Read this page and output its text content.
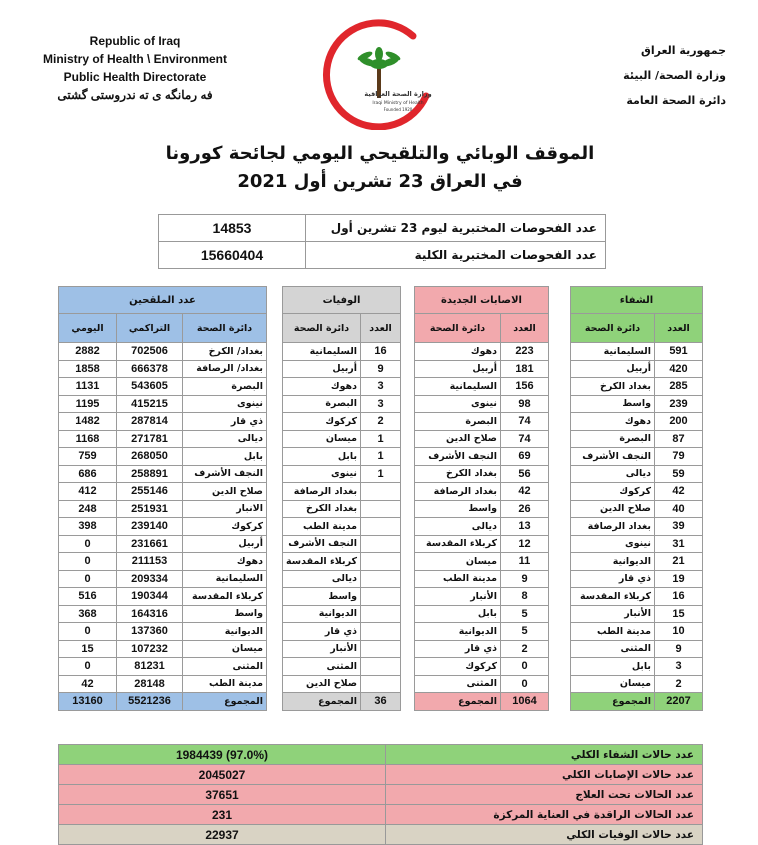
Republic of Iraq
Ministry of Health \ Environment
Public Health Directorate
فه رمانگه ى ته ندروستى گشتى	وزارة الصحة العراقية
Iraqi Ministry of Health
Founded 1920
جمهورية العراق
وزارة الصحة/ البيئة
دائرة الصحة العامة
الموقف الوبائي والتلقيحي اليومي لجائحة كورونا
في العراق 23 تشرين أول 2021
14853	عدد الفحوصات المختبرية ليوم 23 تشرين أول
15660404	عدد الفحوصات المختبرية الكلية
الشفاء	
العدد	دائرة الصحة
591	السليمانية
420	أربيل
285	بغداد الكرخ
239	واسط
200	دهوك
87	البصرة
79	النجف الأشرف
59	ديالى
42	كركوك
40	صلاح الدين
39	بغداد الرصافة
31	نينوى
21	الديوانية
19	ذي قار
16	كربلاء المقدسة
15	الأنبار
10	مدينة الطب
9	المثنى
3	بابل
2	ميسان
2207	المجموع
الاصابات الجديدة	
العدد	دائرة الصحة
223	دهوك
181	أربيل
156	السليمانية
98	نينوى
74	البصرة
74	صلاح الدين
69	النجف الأشرف
56	بغداد الكرخ
42	بغداد الرصافة
26	واسط
13	ديالى
12	كربلاء المقدسة
11	ميسان
9	مدينة الطب
8	الأنبار
5	بابل
5	الديوانية
2	ذي قار
0	كركوك
0	المثنى
1064	المجموع
الوفيات	
العدد	دائرة الصحة
16	السليمانية
9	أربيل
3	دهوك
3	البصرة
2	كركوك
1	ميسان
1	بابل
1	نينوى
	بغداد الرصافة
	بغداد الكرخ
	مدينة الطب
	النجف الأشرف
	كربلاء المقدسة
	ديالى
	واسط
	الديوانية
	ذي قار
	الأنبار
	المثنى
	صلاح الدين
36	المجموع
عدد الملقحين		
دائرة الصحة	التراكمي	اليومي
بغداد/ الكرخ	702506	2882
بغداد/ الرصافة	666378	1858
البصرة	543605	1131
نينوى	415215	1195
ذي قار	287814	1482
ديالى	271781	1168
بابل	268050	759
النجف الأشرف	258891	686
صلاح الدين	255146	412
الانبار	251931	248
كركوك	239140	398
أربيل	231661	0
دهوك	211153	0
السليمانية	209334	0
كربلاء المقدسة	190344	516
واسط	164316	368
الديوانية	137360	0
ميسان	107232	15
المثنى	81231	0
مدينة الطب	28148	42
المجموع	5521236	13160
عدد حالات الشفاء الكلي	1984439 (97.0%)
عدد حالات الإصابات الكلي	2045027
عدد الحالات تحت العلاج	37651
عدد الحالات الراقدة في العناية المركزة	231
عدد حالات الوفيات الكلي	22937
